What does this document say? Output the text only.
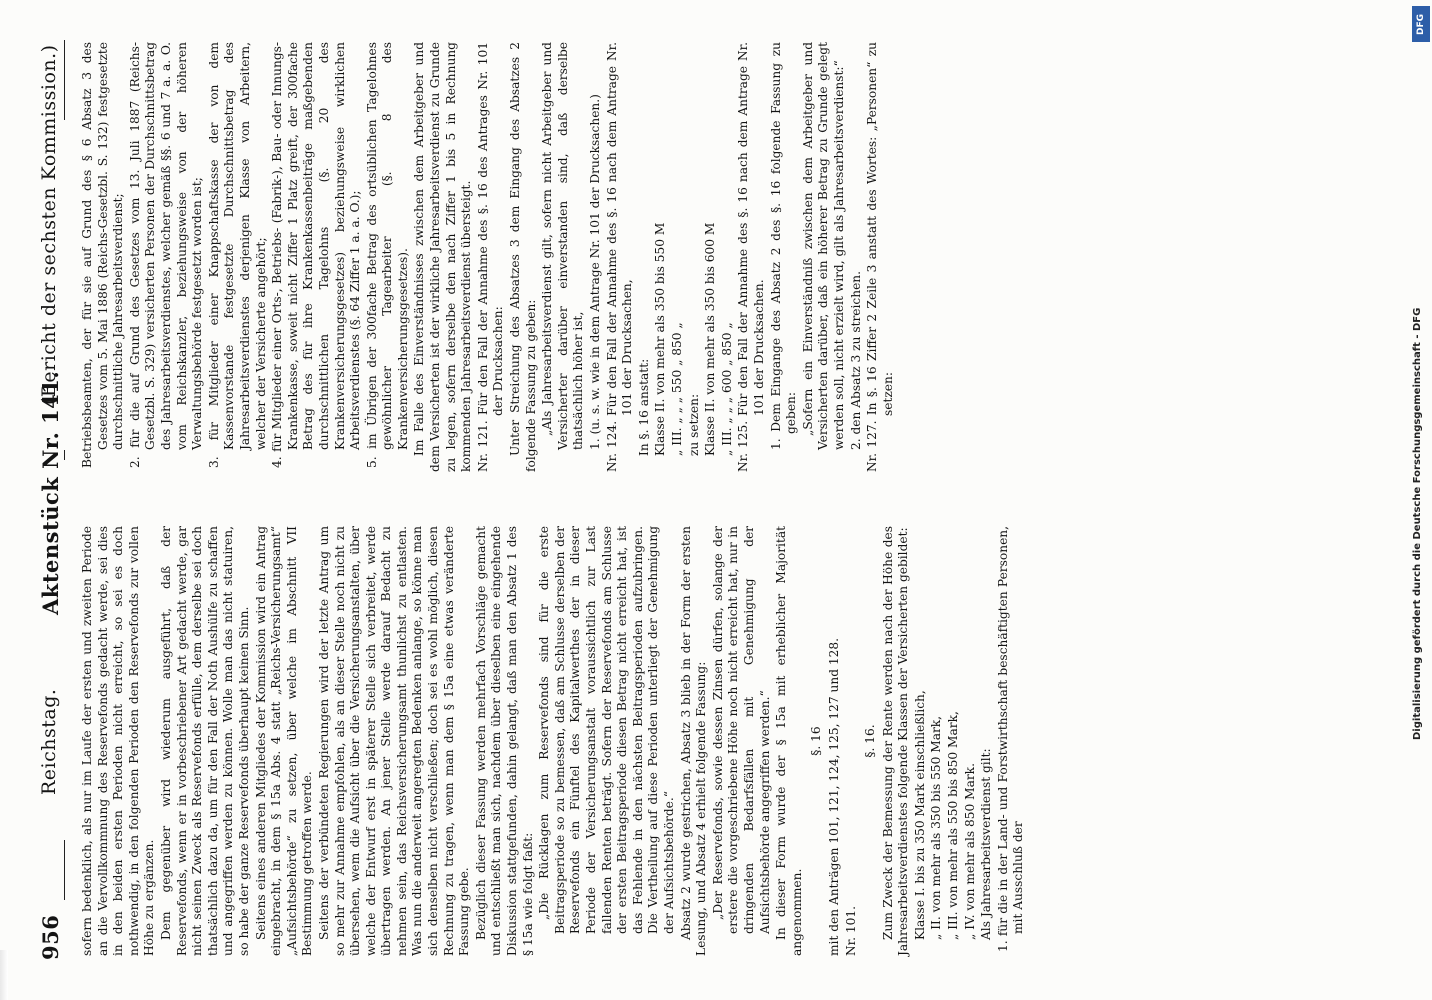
956
Reichstag.
Aktenstück Nr. 141.
(Bericht der sechsten Kommission.)

sofern bedenklich, als nur im Laufe der ersten und zweiten Periode an die Vervollkommnung des Reservefonds gedacht werde, sei dies in den beiden ersten Perioden nicht erreicht, so sei es doch nothwendig, in den folgenden Perioden den Reservefonds zur vollen Höhe zu ergänzen. Dem gegenüber wird wiederum ausgeführt, daß der Reservefonds, wenn er in vorbeschriebener Art gedacht werde, gar nicht seinen Zweck als Reservefonds erfülle, dem derselbe sei doch thatsächlich dazu da, um für den Fall der Noth Aushülfe zu schaffen und angegriffen werden zu können. Wolle man das nicht statuiren, so habe der ganze Reservefonds überhaupt keinen Sinn. Seitens eines anderen Mitgliedes der Kommission wird ein Antrag eingebracht, in dem § 15a Abs. 4 statt „Reichs-Versicherungsamt“ „Aufsichtsbehörde“ zu setzen, über welche im Abschnitt VII Bestimmung getroffen werde. Seitens der verbündeten Regierungen wird der letzte Antrag um so mehr zur Annahme empfohlen, als an dieser Stelle noch nicht zu übersehen, wem die Aufsicht über die Versicherungsanstalten, über welche der Entwurf erst in späterer Stelle sich verbreitet, werde übertragen werden. An jener Stelle werde darauf Bedacht zu nehmen sein, das Reichsversicherungsamt thunlichst zu entlasten. Was nun die anderweit angeregten Bedenken anlange, so könne man sich denselben nicht verschließen; doch sei es wohl möglich, diesen Rechnung zu tragen, wenn man dem § 15a eine etwas veränderte Fassung gebe. Bezüglich dieser Fassung werden mehrfach Vorschläge gemacht und entschließt man sich, nachdem über dieselben eine eingehende Diskussion stattgefunden, dahin gelangt, daß man den Absatz 1 des § 15a wie folgt faßt: „Die Rücklagen zum Reservefonds sind für die erste Beitragsperiode so zu bemessen, daß am Schlusse derselben der Reservefonds ein Fünftel des Kapitalwerthes der in dieser Periode der Versicherungsanstalt voraussichtlich zur Last fallenden Renten beträgt. Sofern der Reservefonds am Schlusse der ersten Beitragsperiode diesen Betrag nicht erreicht hat, ist das Fehlende in den nächsten Beitragsperioden aufzubringen. Die Vertheilung auf diese Perioden unterliegt der Genehmigung der Aufsichtsbehörde.“ Absatz 2 wurde gestrichen, Absatz 3 blieb in der Form der ersten Lesung, und Absatz 4 erhielt folgende Fassung: „Der Reservefonds, sowie dessen Zinsen dürfen, solange der erstere die vorgeschriebene Höhe noch nicht erreicht hat, nur in dringenden Bedarfsfällen mit Genehmigung der Aufsichtsbehörde angegriffen werden.“ In dieser Form wurde der § 15a mit erheblicher Majorität angenommen.

§. 16 mit den Anträgen 101, 121, 124, 125, 127 und 128. Nr. 101.

§. 16. Zum Zweck der Bemessung der Rente werden nach der Höhe des Jahresarbeitsverdienstes folgende Klassen der Versicherten gebildet: Klasse I. bis zu 350 Mark einschließlich, „ II. von mehr als 350 bis 550 Mark, „ III. von mehr als 550 bis 850 Mark, „ IV. von mehr als 850 Mark. Als Jahresarbeitsverdienst gilt: 1. für die in der Land- und Forstwirthschaft beschäftigten Personen, mit Ausschluß der

Betriebsbeamten, der für sie auf Grund des § 6 Absatz 3 des Gesetzes vom 5. Mai 1886 (Reichs-Gesetzbl. S. 132) festgesetzte durchschnittliche Jahresarbeitsverdienst; 2. für die auf Grund des Gesetzes vom 13. Juli 1887 (Reichs-Gesetzbl. S. 329) versicherten Personen der Durchschnittsbetrag des Jahresarbeitsverdienstes, welcher gemäß §§. 6 und 7 a. a. O. vom Reichskanzler, beziehungsweise von der höheren Verwaltungsbehörde festgesetzt worden ist; 3. für Mitglieder einer Knappschaftskasse der von dem Kassenvorstande festgesetzte Durchschnittsbetrag des Jahresarbeitsverdienstes derjenigen Klasse von Arbeitern, welcher der Versicherte angehört; 4. für Mitglieder einer Orts-, Betriebs- (Fabrik-), Bau- oder Innungs-Krankenkasse, soweit nicht Ziffer 1 Platz greift, der 300fache Betrag des für ihre Krankenkassenbeiträge maßgebenden durchschnittlichen Tagelohns (§. 20 des Krankenversicherungsgesetzes) beziehungsweise wirklichen Arbeitsverdienstes (§. 64 Ziffer 1 a. a. O.); 5. im Übrigen der 300fache Betrag des ortsüblichen Tagelohnes gewöhnlicher Tagearbeiter (§. 8 des Krankenversicherungsgesetzes). Im Falle des Einverständnisses zwischen dem Arbeitgeber und dem Versicherten ist der wirkliche Jahresarbeitsverdienst zu Grunde zu legen, sofern derselbe den nach Ziffer 1 bis 5 in Rechnung kommenden Jahresarbeitsverdienst übersteigt. Nr. 121. Für den Fall der Annahme des §. 16 des Antrages Nr. 101 der Drucksachen: Unter Streichung des Absatzes 3 dem Eingang des Absatzes 2 folgende Fassung zu geben: „Als Jahresarbeitsverdienst gilt, sofern nicht Arbeitgeber und Versicherter darüber einverstanden sind, daß derselbe thatsächlich höher ist, 1. (u. s. w. wie in dem Antrage Nr. 101 der Drucksachen.) Nr. 124. Für den Fall der Annahme des §. 16 nach dem Antrage Nr. 101 der Drucksachen, In §. 16 anstatt: Klasse II. von mehr als 350 bis 550 M „ III. „ „ „ 550 „ 850 „ zu setzen: Klasse II. von mehr als 350 bis 600 M „ III. „ „ „ 600 „ 850 „ Nr. 125. Für den Fall der Annahme des §. 16 nach dem Antrage Nr. 101 der Drucksachen. 1. Dem Eingange des Absatz 2 des §. 16 folgende Fassung zu geben: „Sofern ein Einverständniß zwischen dem Arbeitgeber und Versicherten darüber, daß ein höherer Betrag zu Grunde gelegt werden soll, nicht erzielt wird, gilt als Jahresarbeitsverdienst:“ 2. den Absatz 3 zu streichen. Nr. 127. In §. 16 Ziffer 2 Zeile 3 anstatt des Wortes: „Personen“ zu setzen:	Digitalisierung gefördert durch die Deutsche Forschungsgemeinschaft - DFG
DFG
